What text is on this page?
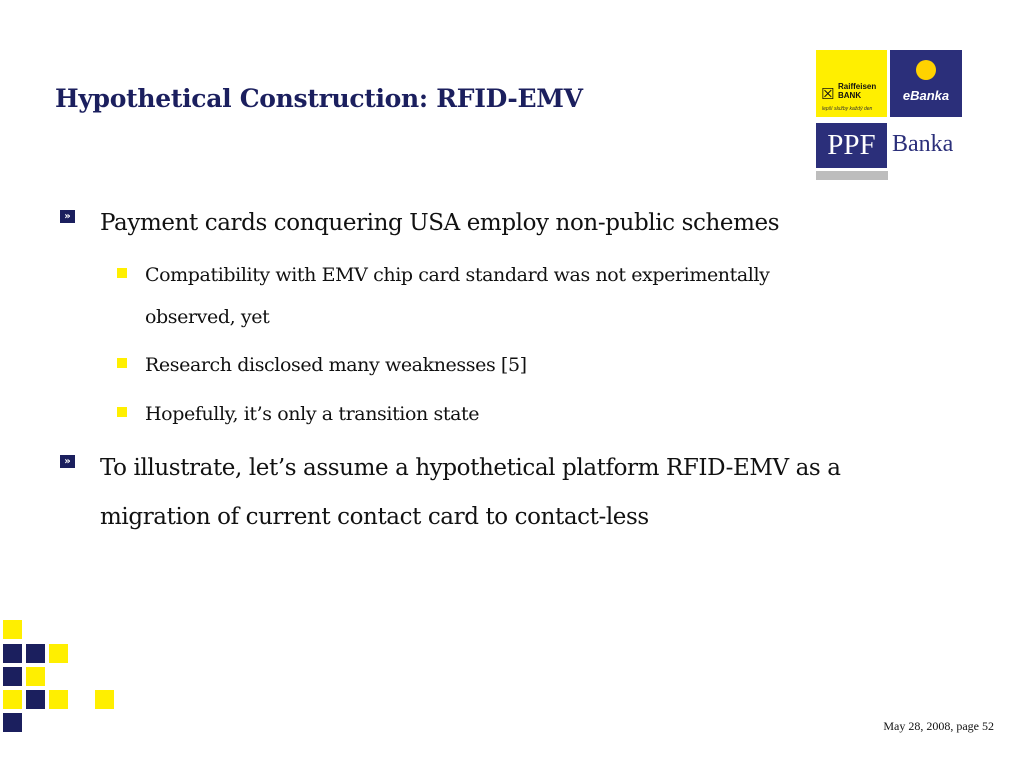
Hypothetical Construction: RFID-EMV	☒ Raiffeisen
BANK
lepší služby každý den
eBanka
PPF Banka
» Payment cards conquering USA employ non-public schemes
Compatibility with EMV chip card standard was not experimentally observed, yet
Research disclosed many weaknesses [5]
Hopefully, it’s only a transition state
» To illustrate, let’s assume a hypothetical platform RFID-EMV as a migration of current contact card to contact-less
May 28, 2008, page 52
